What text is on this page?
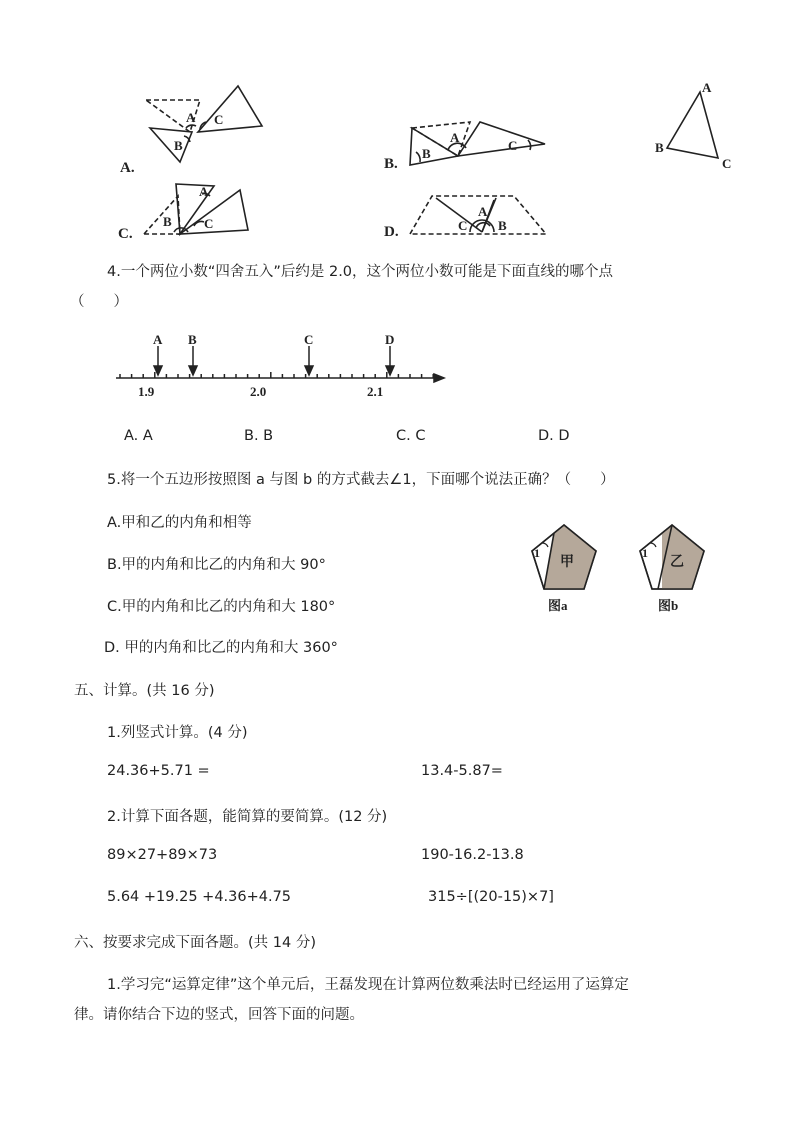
A
B
C
A
B
C
A
B
C
A
B C
A
C B
A.	B.
C.	D.
4.一个两位小数“四舍五入”后约是 2.0，这个两位小数可能是下面直线的哪个点
（　　）
A B	C	D
1.9	2.0	2.1
A. A	B. B	C. C	D. D
5.将一个五边形按照图 a 与图 b 的方式截去∠1，下面哪个说法正确？（　　）
A.甲和乙的内角和相等
B.甲的内角和比乙的内角和大 90°
C.甲的内角和比乙的内角和大 180°
D. 甲的内角和比乙的内角和大 360°
1	1
甲	乙
图a	图b
五、计算。(共 16 分)
1.列竖式计算。(4 分)
24.36+5.71 =	13.4-5.87=
2.计算下面各题，能简算的要简算。(12 分)
89×27+89×73	190-16.2-13.8
5.64 +19.25 +4.36+4.75	315÷[(20-15)×7]
六、按要求完成下面各题。(共 14 分)
1.学习完“运算定律”这个单元后，王磊发现在计算两位数乘法时已经运用了运算定
律。请你结合下边的竖式，回答下面的问题。
